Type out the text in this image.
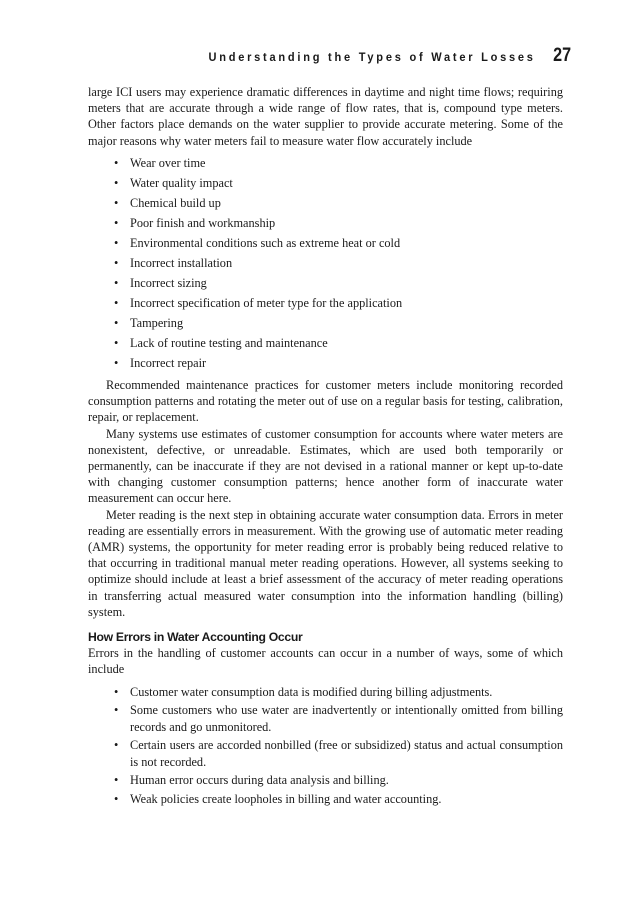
Understanding the Types of Water Losses 27

large ICI users may experience dramatic differences in daytime and night time flows; requiring meters that are accurate through a wide range of flow rates, that is, compound type meters. Other factors place demands on the water supplier to provide accurate metering. Some of the major reasons why water meters fail to measure water flow accurately include

• Wear over time
• Water quality impact
• Chemical build up
• Poor finish and workmanship
• Environmental conditions such as extreme heat or cold
• Incorrect installation
• Incorrect sizing
• Incorrect specification of meter type for the application
• Tampering
• Lack of routine testing and maintenance
• Incorrect repair

Recommended maintenance practices for customer meters include monitoring recorded consumption patterns and rotating the meter out of use on a regular basis for testing, calibration, repair, or replacement.

Many systems use estimates of customer consumption for accounts where water meters are nonexistent, defective, or unreadable. Estimates, which are used both temporarily or permanently, can be inaccurate if they are not devised in a rational manner or kept up-to-date with changing customer consumption patterns; hence another form of inaccurate water measurement can occur here.

Meter reading is the next step in obtaining accurate water consumption data. Errors in meter reading are essentially errors in measurement. With the growing use of automatic meter reading (AMR) systems, the opportunity for meter reading error is probably being reduced relative to that occurring in traditional manual meter reading operations. However, all systems seeking to optimize should include at least a brief assessment of the accuracy of meter reading operations in transferring actual measured water consumption into the information handling (billing) system.

How Errors in Water Accounting Occur

Errors in the handling of customer accounts can occur in a number of ways, some of which include

• Customer water consumption data is modified during billing adjustments.
• Some customers who use water are inadvertently or intentionally omitted from billing records and go unmonitored.
• Certain users are accorded nonbilled (free or subsidized) status and actual consumption is not recorded.
• Human error occurs during data analysis and billing.
• Weak policies create loopholes in billing and water accounting.
